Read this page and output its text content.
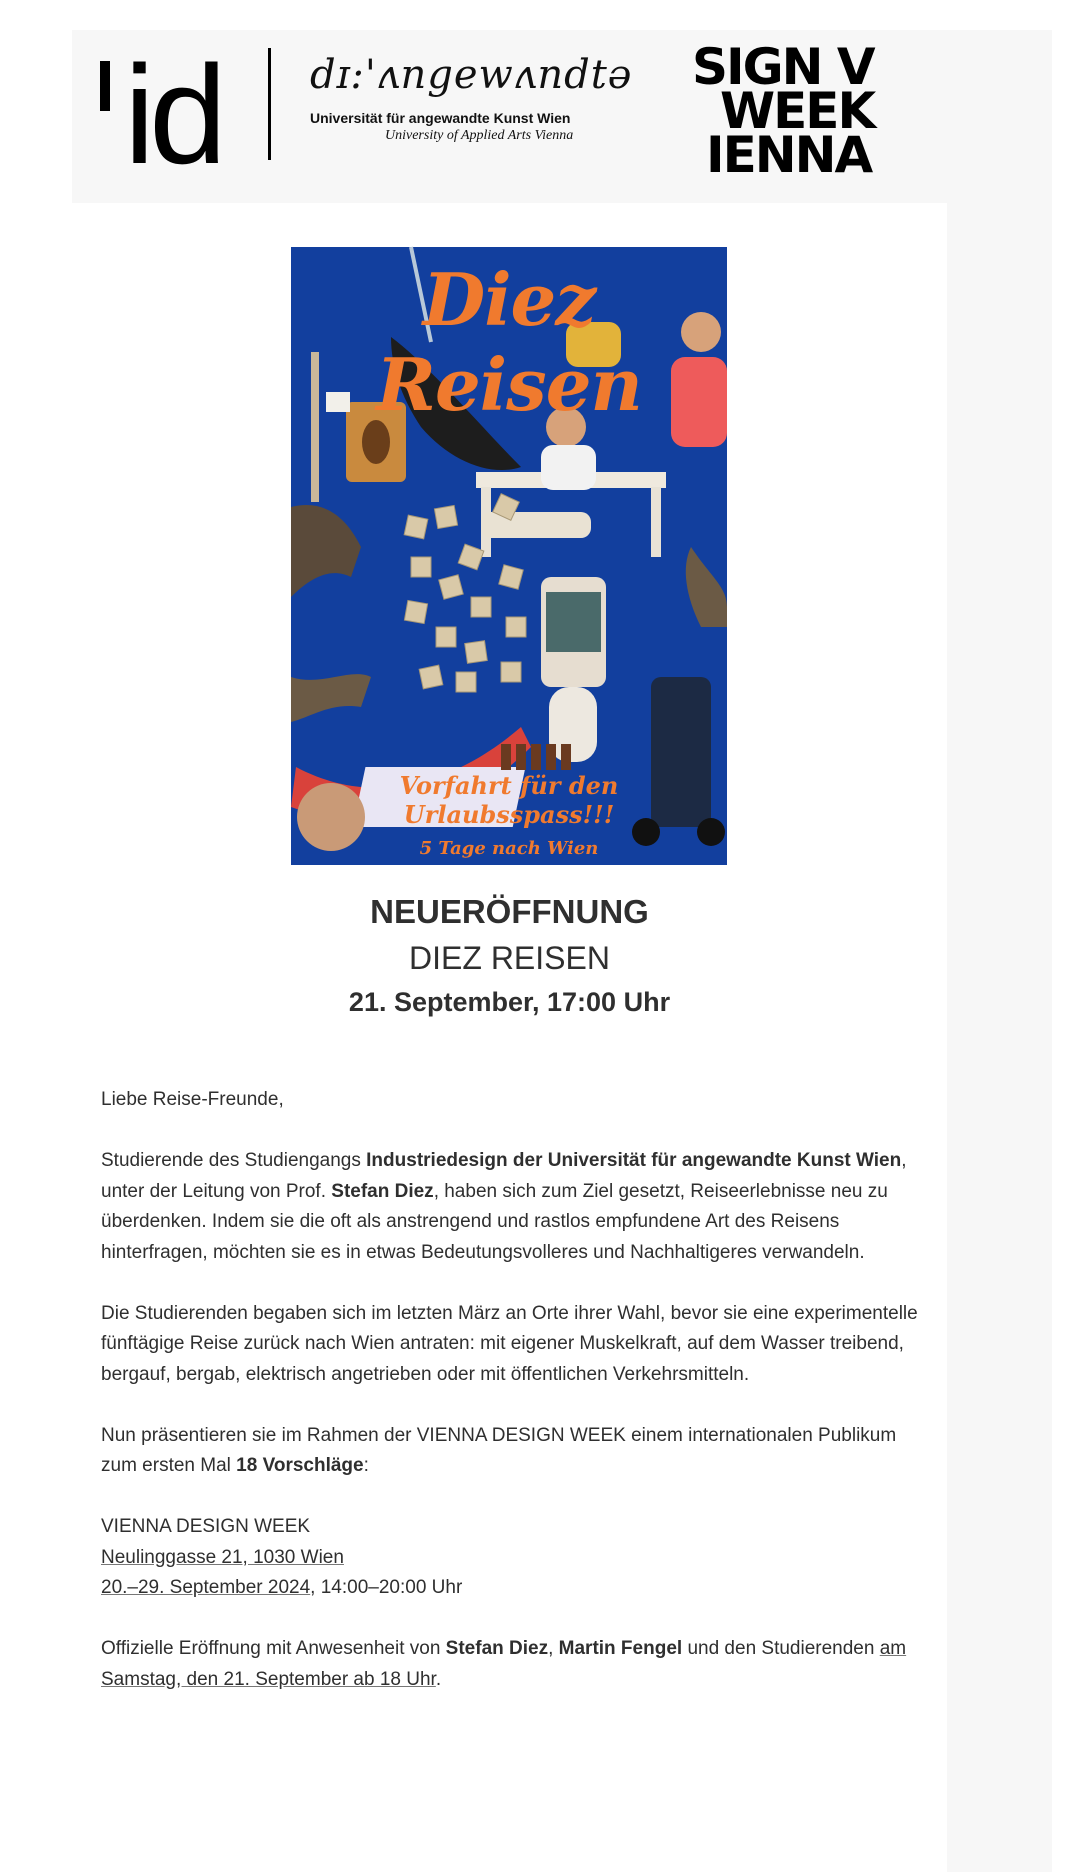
id dɪ:'ʌngewʌndtə
Universität für angewandte Kunst Wien
University of Applied Arts Vienna
SIGN V
WEEK
IENNA
Diez Reisen
Vorfahrt für den Urlaubsspass!!!
5 Tage nach Wien
NEUERÖFFNUNG
DIEZ REISEN
21. September, 17:00 Uhr

Liebe Reise-Freunde,

Studierende des Studiengangs Industriedesign der Universität für angewandte Kunst Wien, unter der Leitung von Prof. Stefan Diez, haben sich zum Ziel gesetzt, Reiseerlebnisse neu zu überdenken. Indem sie die oft als anstrengend und rastlos empfundene Art des Reisens hinterfragen, möchten sie es in etwas Bedeutungsvolleres und Nachhaltigeres verwandeln.

Die Studierenden begaben sich im letzten März an Orte ihrer Wahl, bevor sie eine experimentelle fünftägige Reise zurück nach Wien antraten: mit eigener Muskelkraft, auf dem Wasser treibend, bergauf, bergab, elektrisch angetrieben oder mit öffentlichen Verkehrsmitteln.

Nun präsentieren sie im Rahmen der VIENNA DESIGN WEEK einem internationalen Publikum zum ersten Mal 18 Vorschläge:

VIENNA DESIGN WEEK
Neulinggasse 21, 1030 Wien
20.–29. September 2024, 14:00–20:00 Uhr

Offizielle Eröffnung mit Anwesenheit von Stefan Diez, Martin Fengel und den Studierenden am Samstag, den 21. September ab 18 Uhr.
